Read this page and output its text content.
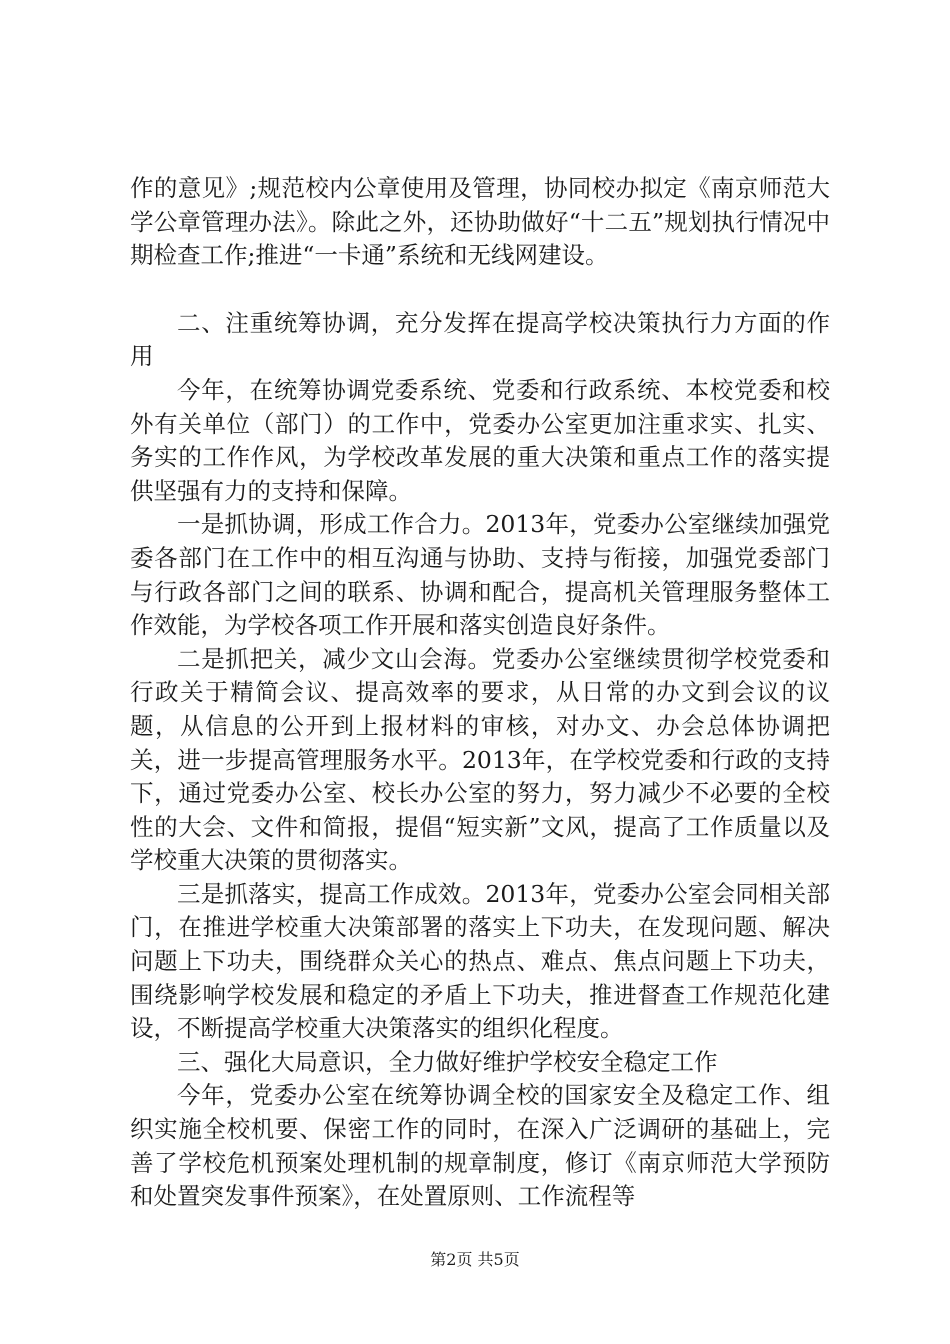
作的意见》;规范校内公章使用及管理，协同校办拟定《南京师范大学公章管理办法》。除此之外，还协助做好“十二五”规划执行情况中期检查工作;推进“一卡通”系统和无线网建设。

二、注重统筹协调，充分发挥在提高学校决策执行力方面的作用

今年，在统筹协调党委系统、党委和行政系统、本校党委和校外有关单位（部门）的工作中，党委办公室更加注重求实、扎实、务实的工作作风，为学校改革发展的重大决策和重点工作的落实提供坚强有力的支持和保障。

一是抓协调，形成工作合力。2013年，党委办公室继续加强党委各部门在工作中的相互沟通与协助、支持与衔接，加强党委部门与行政各部门之间的联系、协调和配合，提高机关管理服务整体工作效能，为学校各项工作开展和落实创造良好条件。

二是抓把关，减少文山会海。党委办公室继续贯彻学校党委和行政关于精简会议、提高效率的要求，从日常的办文到会议的议题，从信息的公开到上报材料的审核，对办文、办会总体协调把关，进一步提高管理服务水平。2013年，在学校党委和行政的支持下，通过党委办公室、校长办公室的努力，努力减少不必要的全校性的大会、文件和简报，提倡“短实新”文风，提高了工作质量以及学校重大决策的贯彻落实。

三是抓落实，提高工作成效。2013年，党委办公室会同相关部门，在推进学校重大决策部署的落实上下功夫，在发现问题、解决问题上下功夫，围绕群众关心的热点、难点、焦点问题上下功夫，围绕影响学校发展和稳定的矛盾上下功夫，推进督查工作规范化建设，不断提高学校重大决策落实的组织化程度。

三、强化大局意识，全力做好维护学校安全稳定工作

今年，党委办公室在统筹协调全校的国家安全及稳定工作、组织实施全校机要、保密工作的同时，在深入广泛调研的基础上，完善了学校危机预案处理机制的规章制度，修订《南京师范大学预防和处置突发事件预案》，在处置原则、工作流程等

第2页 共5页
